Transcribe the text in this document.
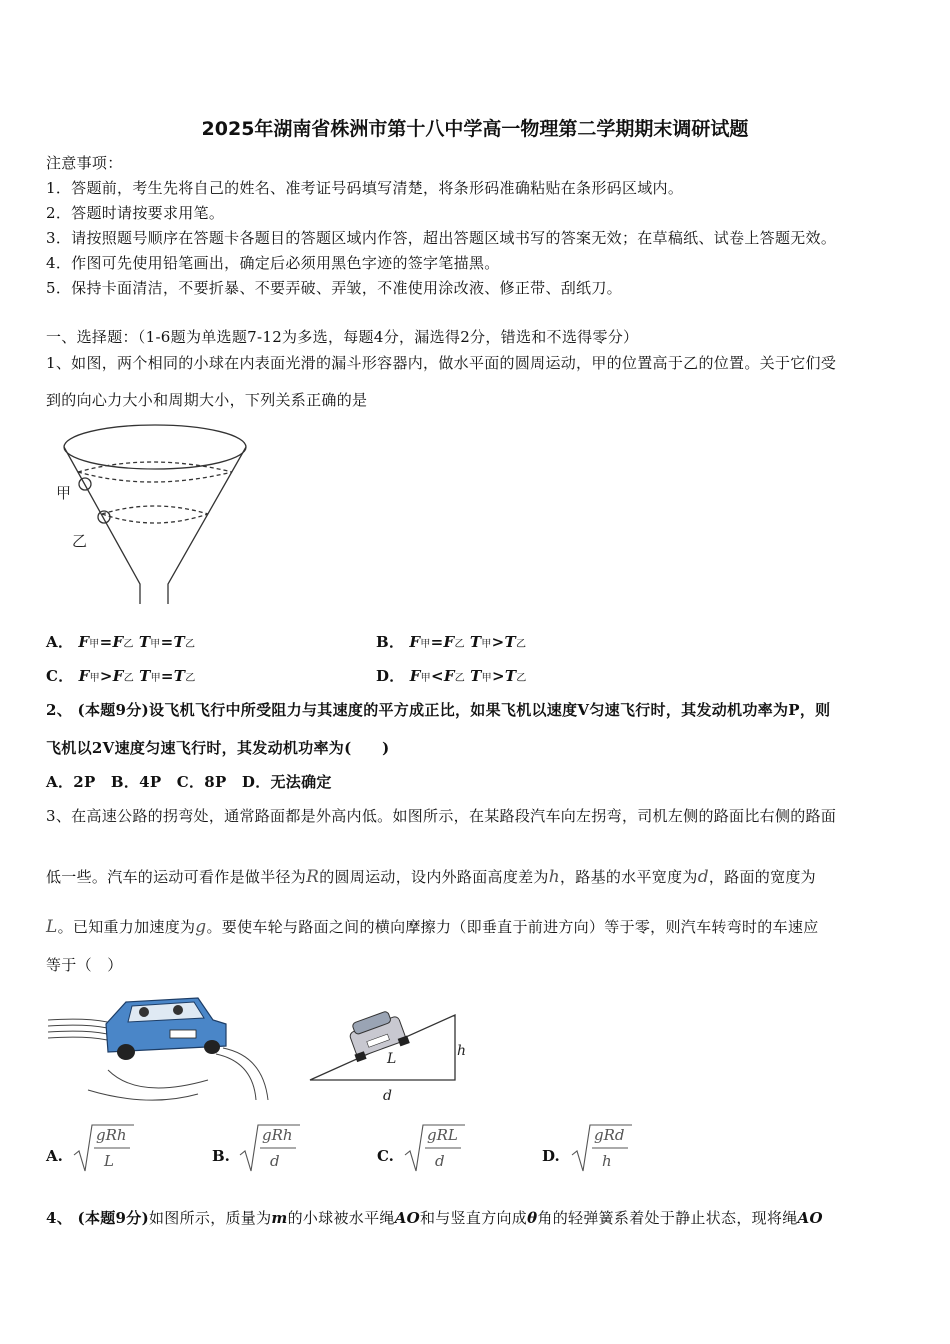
2025年湖南省株洲市第十八中学高一物理第二学期期末调研试题
注意事项：
1．答题前，考生先将自己的姓名、准考证号码填写清楚，将条形码准确粘贴在条形码区域内。
2．答题时请按要求用笔。
3．请按照题号顺序在答题卡各题目的答题区域内作答，超出答题区域书写的答案无效；在草稿纸、试卷上答题无效。
4．作图可先使用铅笔画出，确定后必须用黑色字迹的签字笔描黑。
5．保持卡面清洁，不要折暴、不要弄破、弄皱，不准使用涂改液、修正带、刮纸刀。
一、选择题：（1-6题为单选题7-12为多选，每题4分，漏选得2分，错选和不选得零分）
1、如图，两个相同的小球在内表面光滑的漏斗形容器内，做水平面的圆周运动，甲的位置高于乙的位置。关于它们受
到的向心力大小和周期大小，下列关系正确的是
甲
乙
A． F甲=F乙 T甲=T乙	B． F甲=F乙 T甲>T乙
C． F甲>F乙 T甲=T乙	D． F甲<F乙 T甲>T乙
2、 (本题9分)设飞机飞行中所受阻力与其速度的平方成正比，如果飞机以速度V匀速飞行时，其发动机功率为P，则
飞机以2V速度匀速飞行时，其发动机功率为(　　)
A．2P　B．4P　C．8P　D．无法确定
3、在高速公路的拐弯处，通常路面都是外高内低。如图所示，在某路段汽车向左拐弯，司机左侧的路面比右侧的路面
低一些。汽车的运动可看作是做半径为R的圆周运动，设内外路面高度差为h，路基的水平宽度为d，路面的宽度为
L。已知重力加速度为g。要使车轮与路面之间的横向摩擦力（即垂直于前进方向）等于零，则汽车转弯时的车速应
等于（　）
L	h
d
A.
gRh
L	B.
gRh
d	C.
gRL
d	D.
gRd
h
4、 (本题9分)如图所示，质量为m的小球被水平绳AO和与竖直方向成θ角的轻弹簧系着处于静止状态，现将绳AO
